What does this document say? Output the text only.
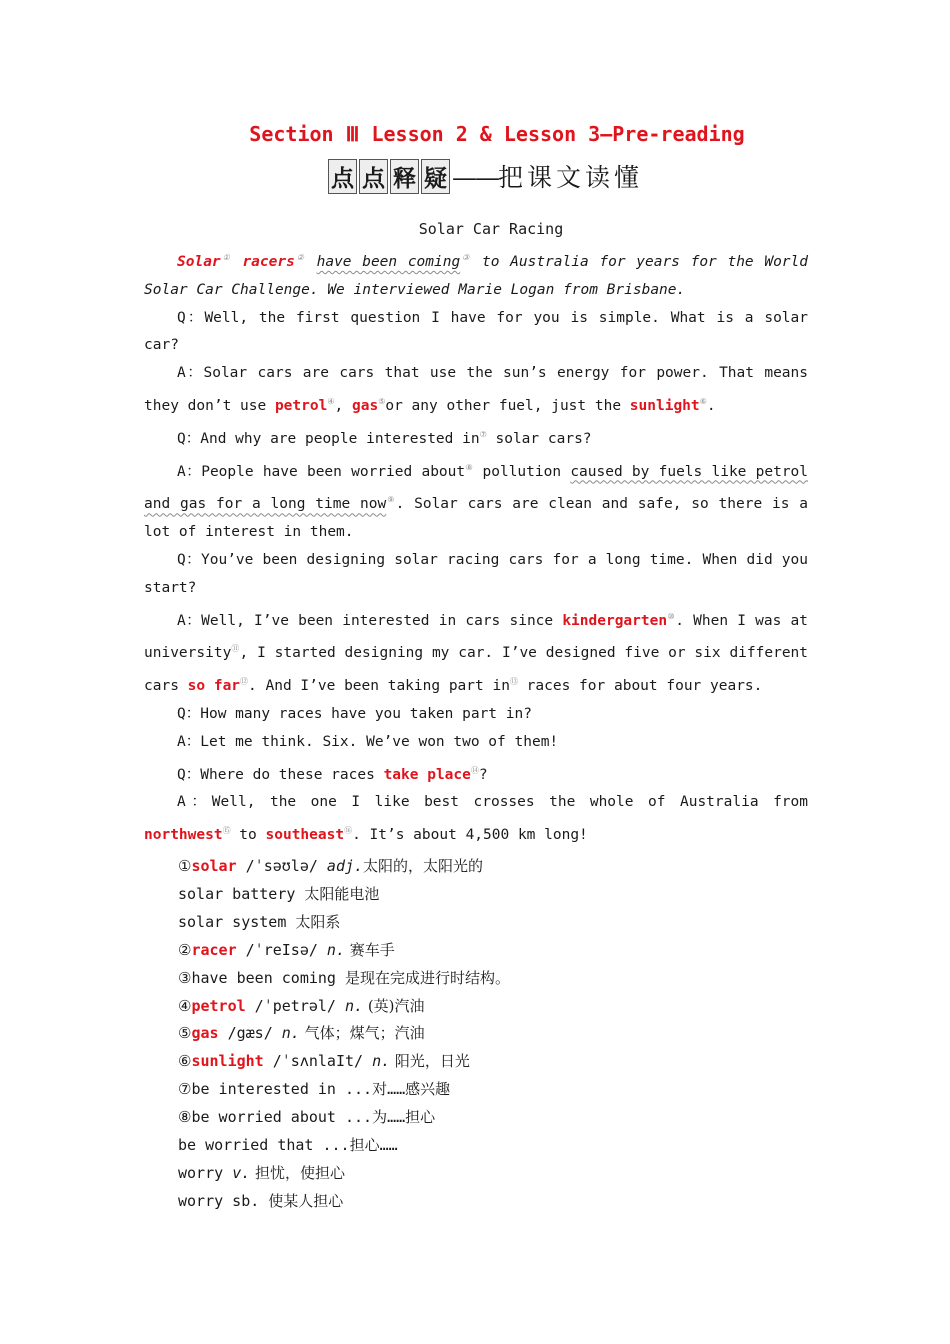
Section Ⅲ Lesson 2 & Lesson 3—Pre-reading
点 点 释 疑 ——把课文读懂
Solar Car Racing

Solar① racers② have been coming③ to Australia for years for the World Solar Car Challenge. We interviewed Marie Logan from Brisbane.

Q：Well, the first question I have for you is simple. What is a solar car?

A：Solar cars are cars that use the sun’s energy for power. That means they don’t use petrol④, gas⑤or any other fuel, just the sunlight⑥.

Q：And why are people interested in⑦ solar cars?

A：People have been worried about⑧ pollution caused by fuels like petrol and gas for a long time now⑨. Solar cars are clean and safe, so there is a lot of interest in them.

Q：You’ve been designing solar racing cars for a long time. When did you start?

A：Well, I’ve been interested in cars since kindergarten⑩. When I was at university⑪, I started designing my car. I’ve designed five or six different cars so far⑫. And I’ve been taking part in⑬ races for about four years.

Q：How many races have you taken part in?

A：Let me think. Six. We’ve won two of them!

Q：Where do these races take place⑭?

A：Well, the one I like best crosses the whole of Australia from northwest⑮ to southeast⑯. It’s about 4,500 km long!

①solar /ˈsəʊlə/ adj.太阳的，太阳光的
solar battery 太阳能电池
solar system 太阳系
②racer /ˈreIsə/ n. 赛车手
③have been coming 是现在完成进行时结构。
④petrol /ˈpetrəl/ n. (英)汽油
⑤gas /gæs/ n. 气体；煤气；汽油
⑥sunlight /ˈsʌnlaIt/ n. 阳光，日光
⑦be interested in ...对……感兴趣
⑧be worried about ...为……担心
be worried that ...担心……
worry v. 担忧，使担心
worry sb. 使某人担心
